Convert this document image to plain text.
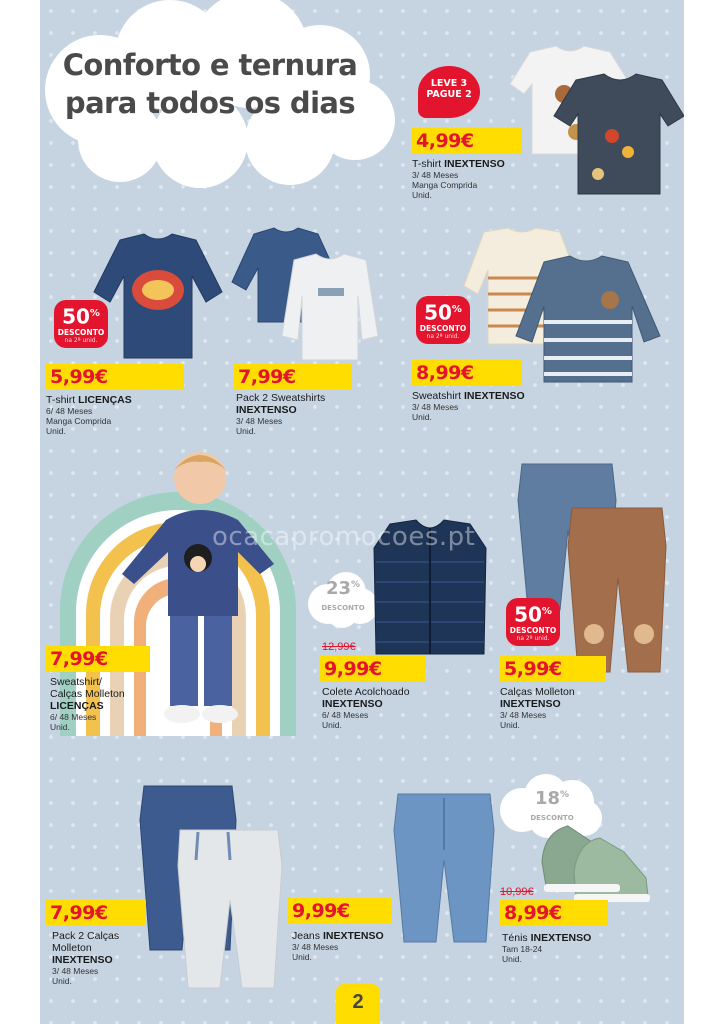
Conforto e ternura
para todos os dias
LEVE 3
PAGUE 2
4,99€
T-shirt INEXTENSO
3/ 48 Meses
Manga Comprida
Unid.
50%
DESCONTO
na 2ª unid.
5,99€
T-shirt LICENÇAS
6/ 48 Meses
Manga Comprida
Unid.
7,99€
Pack 2 Sweatshirts
INEXTENSO
3/ 48 Meses
Unid.
50%
DESCONTO
na 2ª unid.
8,99€
Sweatshirt INEXTENSO
3/ 48 Meses
Unid.
7,99€
Sweatshirt/
Calças Molleton
LICENÇAS
6/ 48 Meses
Unid.
23%
DESCONTO
12,99€
9,99€
Colete Acolchoado
INEXTENSO
6/ 48 Meses
Unid.
50%
DESCONTO
na 2ª unid.
5,99€
Calças Molleton
INEXTENSO
3/ 48 Meses
Unid.
7,99€
Pack 2 Calças
Molleton
INEXTENSO
3/ 48 Meses
Unid.
9,99€
Jeans INEXTENSO
3/ 48 Meses
Unid.
18%
DESCONTO
10,99€
8,99€
Ténis INEXTENSO
Tam 18-24
Unid.
ocacapromocoes.pt
2
